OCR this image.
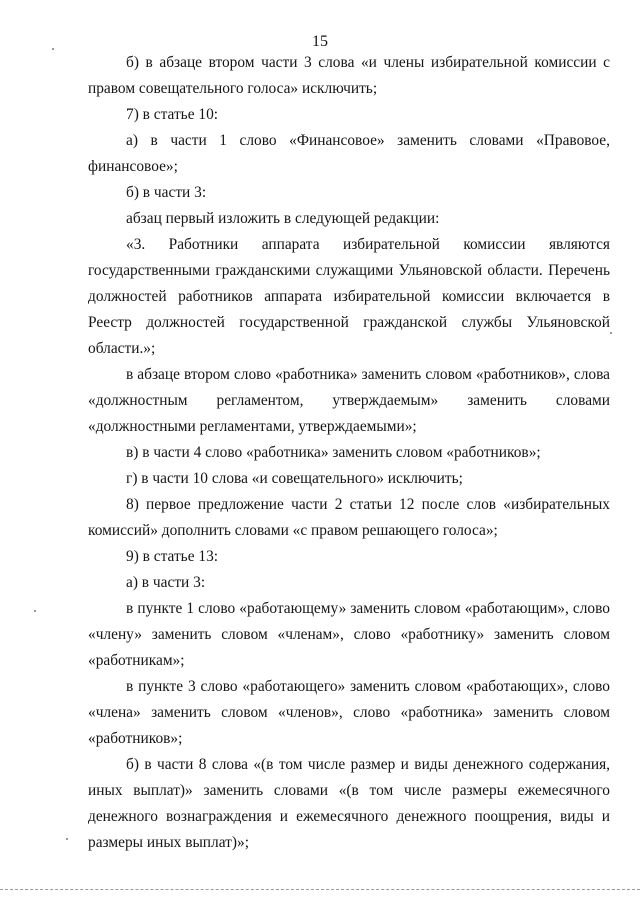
15

б) в абзаце втором части 3 слова «и члены избирательной комиссии с правом совещательного голоса» исключить;

7) в статье 10:

а) в части 1 слово «Финансовое» заменить словами «Правовое, финансовое»;

б) в части 3:

абзац первый изложить в следующей редакции:

«3. Работники аппарата избирательной комиссии являются государственными гражданскими служащими Ульяновской области. Перечень должностей работников аппарата избирательной комиссии включается в Реестр должностей государственной гражданской службы Ульяновской области.»;

в абзаце втором слово «работника» заменить словом «работников», слова «должностным регламентом, утверждаемым» заменить словами «должностными регламентами, утверждаемыми»;

в) в части 4 слово «работника» заменить словом «работников»;

г) в части 10 слова «и совещательного» исключить;

8) первое предложение части 2 статьи 12 после слов «избирательных комиссий» дополнить словами «с правом решающего голоса»;

9) в статье 13:

а) в части 3:

в пункте 1 слово «работающему» заменить словом «работающим», слово «члену» заменить словом «членам», слово «работнику» заменить словом «работникам»;

в пункте 3 слово «работающего» заменить словом «работающих», слово «члена» заменить словом «членов», слово «работника» заменить словом «работников»;

б) в части 8 слова «(в том числе размер и виды денежного содержания, иных выплат)» заменить словами «(в том числе размеры ежемесячного денежного вознаграждения и ежемесячного денежного поощрения, виды и размеры иных выплат)»;
